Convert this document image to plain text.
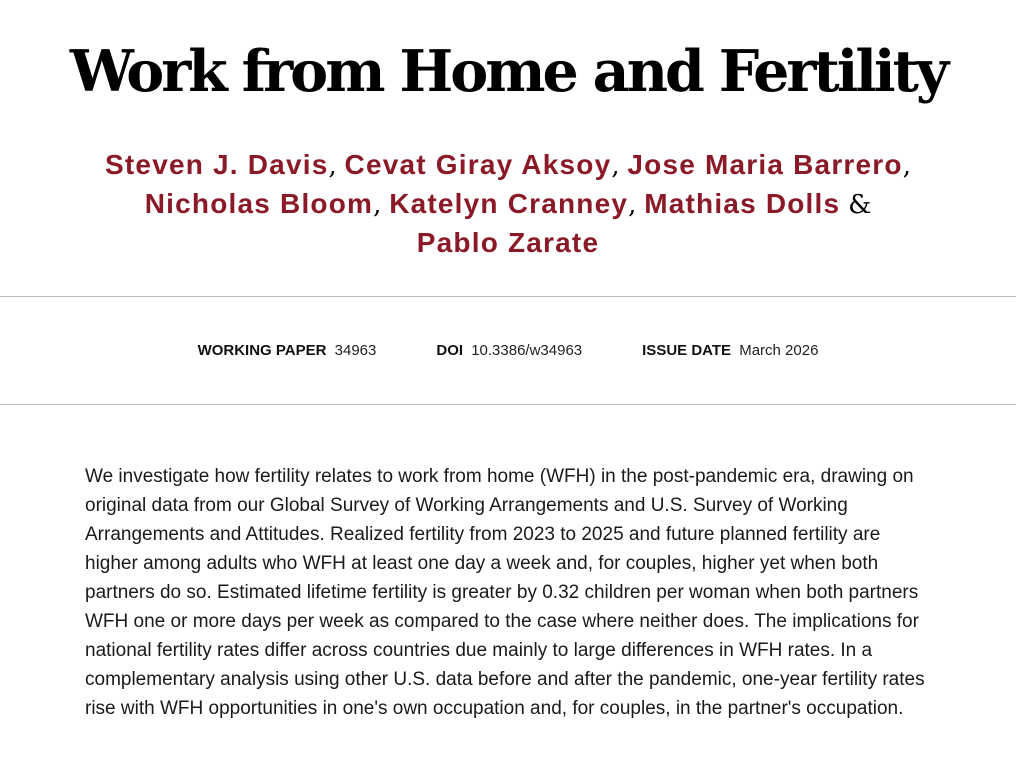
Work from Home and Fertility
Steven J. Davis, Cevat Giray Aksoy, Jose Maria Barrero,
Nicholas Bloom, Katelyn Cranney, Mathias Dolls &
Pablo Zarate
WORKING PAPER 34963	DOI 10.3386/w34963	ISSUE DATE March 2026

We investigate how fertility relates to work from home (WFH) in the post-pandemic era, drawing on original data from our Global Survey of Working Arrangements and U.S. Survey of Working Arrangements and Attitudes. Realized fertility from 2023 to 2025 and future planned fertility are higher among adults who WFH at least one day a week and, for couples, higher yet when both partners do so. Estimated lifetime fertility is greater by 0.32 children per woman when both partners WFH one or more days per week as compared to the case where neither does. The implications for national fertility rates differ across countries due mainly to large differences in WFH rates. In a complementary analysis using other U.S. data before and after the pandemic, one-year fertility rates rise with WFH opportunities in one's own occupation and, for couples, in the partner's occupation.
